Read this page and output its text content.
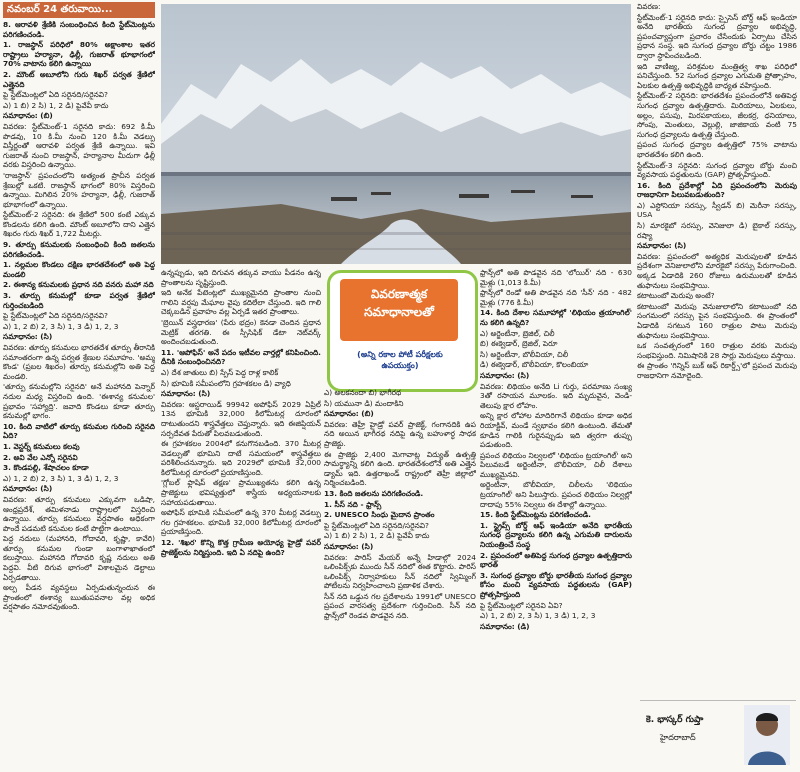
నవంబర్ 24 తరువాయి...

8. ఆరావళి శ్రేణికి సంబంధించిన కింది స్టేట్‌మెంట్లను పరిగణించండి.

1. రాజస్థాన్ పరిధిలో 80% అక్షాంశాల ఇతర రాష్ట్రాలు హర్యానా, ఢిల్లీ, గుజరాత్ భూభాగంలో 70% వాటాను కలిగి ఉన్నాయి

2. మౌంట్ అబూలోని గురు శిఖర్ పర్వత శ్రేణిలో ఎత్తైనది

పై స్టేట్‌మెంట్లలో ఏది సరైనది/సరైనవి?

ఎ) 1 బి) 2 సి) 1, 2 డి) పైవేవీ కాదు

సమాధానం: (బి)

వివరణ: స్టేట్‌మెంట్-1 సరైనది కాదు: 692 కి.మీ పొడవు, 10 కి.మీ నుంచి 120 కి.మీ వెడల్పు విస్తీర్ణంతో ఆరావళి పర్వత శ్రేణి ఉన్నాయి. ఇవి గుజరాత్ నుంచి రాజస్థాన్, హర్యానాల మీదుగా ఢిల్లీ వరకు విస్తరించి ఉన్నాయి.

'రాజస్థాన్' ప్రపంచంలోని అత్యంత ప్రాచీన పర్వత శ్రేణుల్లో ఒకటి. రాజస్థాన్ భాగంలో 80% విస్తరించి ఉన్నాయి. మిగిలిన 20% హర్యానా, ఢిల్లీ, గుజరాత్ భూభాగంలో ఉన్నాయి.

స్టేట్‌మెంట్-2 సరైనది: ఈ శ్రేణిలో 500 కంటే ఎక్కువ కొండలను కలిగి ఉంది. మౌంట్ అబూలోని దాని ఎత్తైన శిఖరం గురు శిఖర్ 1,722 మీటర్లు.

9. తూర్పు కనుమలకు సంబంధించి కింది జతలను పరిగణించండి.

1. నల్లమల కొండలు దక్షిణ భారతదేశంలో అతి పెద్ద మండలి

2. ఈశాన్య కనుమలకు ప్రధాన నది వనరు మహా నది

3. తూర్పు కనుమల్లో కూడా పర్వత శ్రేణిలో గుర్తించబడింది

పై స్టేట్‌మెంట్లలో ఏది సరైనది/సరైనవి?

ఎ) 1, 2 బి) 2, 3 సి) 1, 3 డి) 1, 2, 3

సమాధానం: (సి)

వివరణ: తూర్పు కనుమలు భారతదేశ తూర్పు తీరానికి సమాంతరంగా ఉన్న పర్వత శ్రేణుల సమూహం. 'అమ్మ కొండ' (ప్రబల శిఖరం) తూర్పు కనుమల్లోని అతి పెద్ద మండలి.

'తూర్పు కనుమల్లోని సరైనది' అనే మహానది పెన్నార్ నదుల మధ్య విస్తరించి ఉంది. 'ఈశాన్య కనుమల' ప్రభావం 'సహ్యాద్రి'. జవాది కొండలు కూడా తూర్పు కనుమల్లో భాగం.

10. కింది వాటిలో తూర్పు కనుమల గురించి సరైనది ఏది?

1. వెస్టర్న్ కనుమలు కలవు

2. అవి వేల ఎన్నో సరైనవి

3. కొండపల్లి, శేషాచలం కూడా

ఎ) 1, 2 బి) 2, 3 సి) 1, 3 డి) 1, 2, 3

సమాధానం: (సి)

వివరణ: తూర్పు కనుమలు ఎక్కువగా ఒడిషా, ఆంధ్రప్రదేశ్, తమిళనాడు రాష్ట్రాలలో విస్తరించి ఉన్నాయి. తూర్పు కనుమలు వర్షపాతం అధికంగా పొందే పడమటి కనుమల కంటే పొట్టిగా ఉంటాయి.

పెద్ద నదులు (మహానది, గోదావరి, కృష్ణా, కావేరి) తూర్పు కనుమల గుండా బంగాళాఖాతంలో కలుస్తాయి. మహానది గోదావరి కృష్ణ నదులు అతి పెద్దవి. వీటి దిగువ భాగంలో విశాలమైన డెల్టాలు ఏర్పడతాయి.

అల్ప పీడన వ్యవస్థలు ఏర్పడుతున్నందున ఈ ప్రాంతంలో ఈశాన్య ఋతుపవనాల వల్ల అధిక వర్షపాతం నమోదవుతుంది.

ఉన్నప్పుడు, ఇది దిగువన తక్కువ వాయు పీడనం ఉన్న ప్రాంతాలను సృష్టిస్తుంది.

ఇది అనేక పేటెంట్లలో ముఖ్యమైనది ప్రాంతాల నుంచి గాలిని వర్షపు మేఘాల వైపు కదిలేలా చేస్తుంది. ఇది గాలి చెక్కబడిన ప్రవాహం వల్ల ఏర్పడే ఇతర ప్రాంతాలు.

'బ్రెయిన్ వస్త్రధారణ' (పేరు భద్రం) కెనడా చెందిన ప్రధాన మెట్రిక్ తరగతి. ఈ స్పీసిఫిక్ డేటా నెట్‌వర్క్ అందించబడుతుంది.

11. 'ఆపోఫిస్' అనే పదం ఇటీవల వార్తల్లో కనిపించింది. దీనికి సంబంధించినది?

ఎ) దేశ జాతులు బి) స్పేస్ పెద్ద రాళ్ల కాలిక్

సి) భూమికి సమీపంలోని గ్రహశకలం డి) వ్యాధి

సమాధానం: (సి)

వివరణ: ఆస్టరాయిడ్ 99942 అపోఫిస్ 2029 ఏప్రిల్ 13న భూమికి 32,000 కిలోమీటర్ల దూరంలో దాటుతుందని శాస్త్రవేత్తలు చెప్తున్నారు. ఇది ఈజిప్షియన్ సర్పదేవత పేరుతో పిలవబడుతుంది.

ఈ గ్రహశకలం 2004లో కనుగొనబడింది. 370 మీటర్ల వెడల్పుతో భూమిని దాటే సమయంలో శాస్త్రవేత్తలు పరిశీలించనున్నారు. ఇది 2029లో భూమికి 32,000 కిలోమీటర్ల దూరంలో ప్రయాణిస్తుంది.

'గ్లోబల్ ఫ్లాషిప్ తక్షణ' ప్రాముఖ్యతను కలిగి ఉన్న ప్రాజెక్టులు భవిష్యత్తులో శాస్త్రీయ అధ్యయనాలకు సహాయపడుతాయి.

అపోఫిస్ భూమికి సమీపంలో ఉన్న 370 మీటర్ల వెడల్పు గల గ్రహశకలం. భూమికి 32,000 కిలోమీటర్ల దూరంలో ప్రయాణిస్తుంది.

12. 'శిఖర' కొన్ని కొత్త గ్రామీణ అయోధ్య హైడ్రో పవర్ ప్రాజెక్ట్‌లను నిర్మిస్తుంది. ఇది ఏ నదిపై ఉంది?

వివరణాత్మక సమాధానాలతో
(అన్ని రకాల పోటీ పరీక్షలకు ఉపయుక్తం)

ఎ) అలకనందా బి) భాగీరథ

సి) యమునా డి) మందాకిని

సమాధానం: (బి)

వివరణ: తెహ్రీ హైడ్రో పవర్ ప్రాజెక్ట్, గంగానదికి ఉప నది అయిన భాగీరథ నదిపై ఉన్న బహుళార్థ సాధక ప్రాజెక్టు.

ఈ ప్రాజెక్టు 2,400 మెగావాట్ల విద్యుత్ ఉత్పత్తి సామర్థ్యాన్ని కలిగి ఉంది. భారతదేశంలోనే అతి ఎత్తైన డ్యామ్ ఇది. ఉత్తరాఖండ్ రాష్ట్రంలో తెహ్రీ జిల్లాలో నిర్మించబడింది.

13. కింది జతలను పరిగణించండి.

1. సీస్ నది - ఫ్రాన్స్

2. UNESCO సింధు మైదాన ప్రాంతం

పై స్టేట్‌మెంట్లలో ఏది సరైనది/సరైనవి?

ఎ) 1 బి) 2 సి) 1, 2 డి) పైవేవీ కాదు

సమాధానం: (సి)

వివరణ: పారిస్ మేయర్ అన్నే హిడాల్గో 2024 ఒలింపిక్స్‌కు ముందు సీన్ నదిలో ఈత కొట్టారు. పారిస్ ఒలింపిక్స్ నిర్వాహకులు సీన్ నదిలో స్విమ్మింగ్ పోటీలను నిర్వహించాలని ప్రణాళిక చేశారు.

సీన్ నది ఒడ్డున గల ప్రదేశాలను 1991లో UNESCO ప్రపంచ వారసత్వ ప్రదేశంగా గుర్తించింది. సీన్ నది ఫ్రాన్స్‌లో రెండవ పొడవైన నది.

ఫ్రాన్స్‌లో అతి పొడవైన నది 'లోయిర్' నది - 630 మైళ్లు (1,013 కి.మీ)

ఫ్రాన్స్‌లో రెండో అతి పొడవైన నది 'సీన్' నది - 482 మైళ్లు (776 కి.మీ)

14. కింది దేశాల సమూహాల్లో 'లిథియం త్రయాంగిల్' ను కలిగి ఉన్నది?

ఎ) అర్జెంటీనా, బ్రెజిల్, చిలీ

బి) ఈక్వెడార్, బ్రెజిల్, పెరూ

సి) అర్జెంటీనా, బొలీవియా, చిలీ

డి) ఈక్వెడార్, బొలీవియా, కొలంబియా

సమాధానం: (సి)

వివరణ: లిథియం అనేది Li గుర్తు, పరమాణు సంఖ్య 3తో రసాయన మూలకం. ఇది మృదువైన, వెండి-తెలుపు క్షార లోహం.

అన్ని క్షార లోహాల మాదిరిగానే లిథియం కూడా అధిక రియాక్టివ్, మండే స్వభావం కలిగి ఉంటుంది. తేమతో కూడిన గాలికి గురైనప్పుడు ఇది త్వరగా తుప్పు పడుతుంది.

ప్రపంచ లిథియం నిల్వలలో 'లిథియం ట్రయాంగిల్' అని పిలువబడే అర్జెంటీనా, బొలీవియా, చిలీ దేశాలు ముఖ్యమైనవి.

అర్జెంటీనా, బొలీవియా, చిలీలను 'లిథియం ట్రయాంగిల్' అని పిలుస్తారు. ప్రపంచ లిథియం నిల్వల్లో దాదాపు 55% నిల్వలు ఈ దేశాల్లో ఉన్నాయి.

15. కింది స్టేట్‌మెంట్లను పరిగణించండి.

1. స్ట్రైప్స్ బోర్డ్ ఆఫ్ ఇండియా అనేది భారతీయ సుగంధ ద్రవ్యాలను కలిగి ఉన్న ఎగుమతి దారులను నియంత్రించే సంస్థ

2. ప్రపంచంలో అతిపెద్ద సుగంధ ద్రవ్యాల ఉత్పత్తిదారు భారత్

3. సుగంధ ద్రవ్యాల బోర్డు భారతీయ సుగంధ ద్రవ్యాల కోసం మంచి వ్యవసాయ పద్ధతులను (GAP) ప్రోత్సహిస్తుంది

పై స్టేట్‌మెంట్లలో సరైనవి ఏవి?

ఎ) 1, 2 బి) 2, 3 సి) 1, 3 డి) 1, 2, 3

సమాధానం: (డి)

వివరణ:

స్టేట్‌మెంట్-1 సరైనది కాదు: స్పైసెస్ బోర్డ్ ఆఫ్ ఇండియా అనేది భారతీయ సుగంధ ద్రవ్యాల అభివృద్ధి, ప్రపంచవ్యాప్తంగా ప్రచారం చేసేందుకు ఏర్పాటు చేసిన ప్రధాన సంస్థ. ఇది సుగంధ ద్రవ్యాల బోర్డు చట్టం 1986 ద్వారా స్థాపించబడింది.

ఇది వాణిజ్య, పరిశ్రమల మంత్రిత్వ శాఖ పరిధిలో పనిచేస్తుంది. 52 సుగంధ ద్రవ్యాల ఎగుమతి ప్రోత్సాహం, ఏలకుల ఉత్పత్తి అభివృద్ధికి బాధ్యత వహిస్తుంది.

స్టేట్‌మెంట్-2 సరైనది: భారతదేశం ప్రపంచంలోనే అతిపెద్ద సుగంధ ద్రవ్యాల ఉత్పత్తిదారు. మిరియాలు, ఏలకులు, అల్లం, పసుపు, మిరపకాయలు, జీలకర్ర, ధనియాలు, సోంపు, మెంతులు, వెల్లుల్లి, జాజికాయ వంటి 75 సుగంధ ద్రవ్యాలను ఉత్పత్తి చేస్తుంది.

ప్రపంచ సుగంధ ద్రవ్యాల ఉత్పత్తిలో 75% వాటాను భారతదేశం కలిగి ఉంది.

స్టేట్‌మెంట్-3 సరైనది: సుగంధ ద్రవ్యాల బోర్డు మంచి వ్యవసాయ పద్ధతులను (GAP) ప్రోత్సహిస్తుంది.

16. కింది ప్రదేశాల్లో ఏది ప్రపంచంలోని మెరుపు రాజధానిగా పిలువబడుతుంది?

ఎ) ఎస్టోనియా సరస్సు, స్వీడన్ బి) మెరీనా సరస్సు, USA

సి) మారకైబో సరస్సు, వెనిజులా డి) బైకాల్ సరస్సు, రష్యా

సమాధానం: (సి)

వివరణ: ప్రపంచంలో అత్యధిక మెరుపులతో కూడిన ప్రదేశంగా వెనిజులాలోని మారకైబో సరస్సు పేరుగాంచింది. అక్కడ ఏడాదికి 260 రోజులు ఉరుములతో కూడిన తుఫానులు సంభవిస్తాయి.

కటాటుంబో మెరుపు అంటే?

కటాటుంబో మెరుపు వెనుజులాలోని కటాటుంబో నది సంగమంలో సరస్సు పైన సంభవిస్తుంది. ఈ ప్రాంతంలో ఏడాదికి సగటున 160 రాత్రుల పాటు మెరుపు తుఫానులు సంభవిస్తాయి.

ఒక సంవత్సరంలో 160 రాత్రుల వరకు మెరుపు సంభవిస్తుంది. నిమిషానికి 28 సార్లు మెరుపులు వస్తాయి.

ఈ ప్రాంతం 'గిన్నిస్ బుక్ ఆఫ్ రికార్డ్స్'లో ప్రపంచ మెరుపు రాజధానిగా నమోదైంది.

కె. భాస్కర్ గుప్తా
హైదరాబాద్
